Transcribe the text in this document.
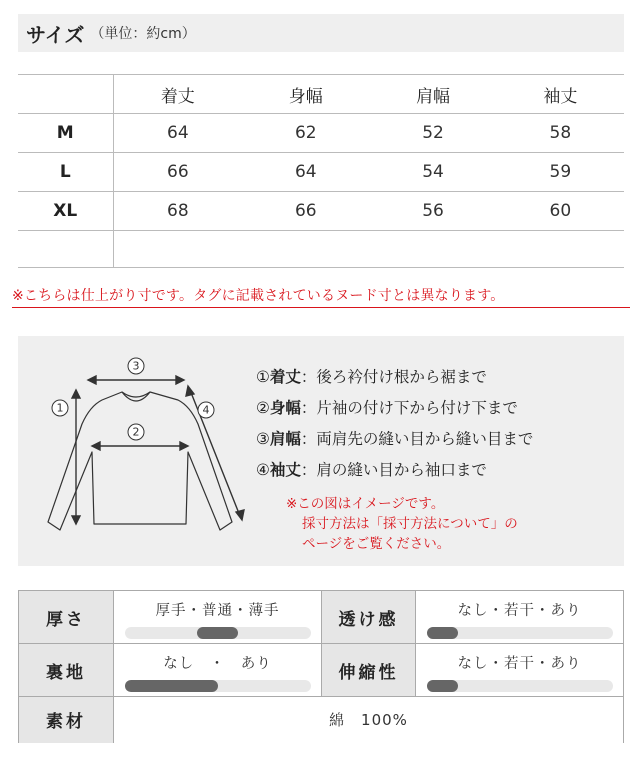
サイズ （単位：約cm）
	着丈	身幅	肩幅	袖丈
M	64	62	52	58
L	66	64	54	59
XL	68	66	56	60

※こちらは仕上がり寸です。タグに記載されているヌード寸とは異なります。
3
2
1	4
①着丈：後ろ衿付け根から裾まで
②身幅：片袖の付け下から付け下まで
③肩幅：両肩先の縫い目から縫い目まで
④袖丈：肩の縫い目から袖口まで
※この図はイメージです。
採寸方法は「採寸方法について」の
ページをご覧ください。
厚さ	厚手・普通・薄手	透け感	なし・若干・あり

裏地	なし　・　あり	伸縮性	なし・若干・あり

素材	綿　100%		
